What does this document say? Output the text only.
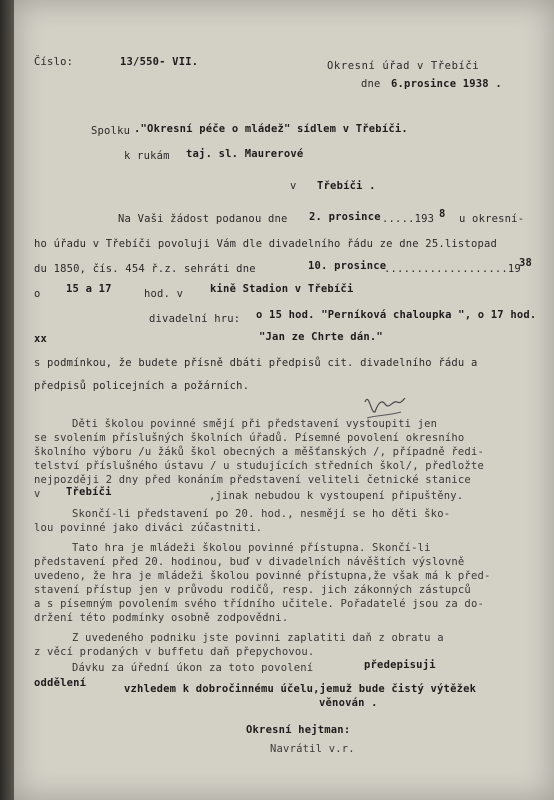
Číslo:	13/550- VII.	Okresní úřad v Třebíči
dne 6.prosince 1938 .
Spolku ."Okresní péče o mládež" sídlem v Třebíči.
k rukám taj. sl. Maurerové
v Třebíči .
Na Vaši žádost podanou dne 2. prosince .....193 8 u okresní-
ho úřadu v Třebíči povoluji Vám dle divadelního řádu ze dne 25.listopad
du 1850, čís. 454 ř.z. sehráti dne	10. prosince
...................19
38
o 15 a 17	hod. v	kině Stadion v Třebíči
divadelní hru: o 15 hod. "Perníková chaloupka ", o 17 hod.
xx	"Jan ze Chrte dán."
s podmínkou, že budete přísně dbáti předpisů cit. divadelního řádu a
předpisů policejních a požárních.
Děti školou povinné smějí při představení vystoupiti jen
se svolením příslušných školních úřadů. Písemné povolení okresního
školního výboru /u žáků škol obecných a měšťanských /, případně ředi-
telství příslušného ústavu / u studujících středních škol/, předložte
nejpozději 2 dny před konáním představení veliteli četnické stanice
v Třebíči	,jinak nebudou k vystoupení připuštěny.
Skončí-li představení po 20. hod., nesmějí se ho děti ško-
lou povinné jako diváci zúčastniti.
Tato hra je mládeži školou povinné přístupna. Skončí-li
představení před 20. hodinou, buď v divadelních návěštích výslovně
uvedeno, že hra je mládeži školou povinné přístupna,že však má k před-
stavení přístup jen v průvodu rodičů, resp. jich zákonných zástupců
a s písemným povolením svého třídního učitele. Pořadatelé jsou za do-
držení této podmínky osobně zodpovědni.
Z uvedeného podniku jste povinni zaplatiti daň z obratu a
z věcí prodaných v buffetu daň přepychovou.
Dávku za úřední úkon za toto povolení	předepisuji
oddělení	vzhledem k dobročinnému účelu,jemuž bude čistý výtěžek
věnován .
Okresní hejtman:
Navrátil v.r.
